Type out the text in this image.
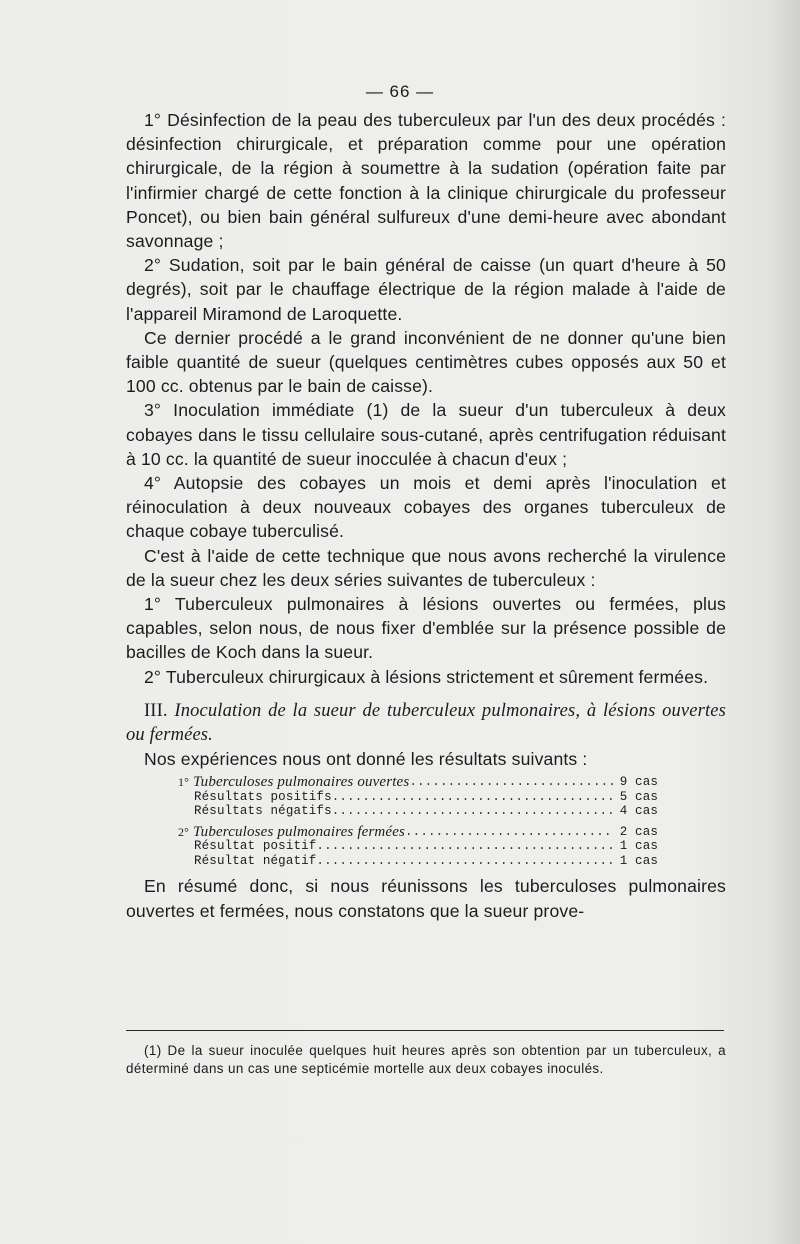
— 66 —

1° Désinfection de la peau des tuberculeux par l'un des deux procédés : désinfection chirurgicale, et préparation comme pour une opération chirurgicale, de la région à soumettre à la sudation (opération faite par l'infirmier chargé de cette fonction à la clinique chirurgicale du professeur Poncet), ou bien bain général sulfureux d'une demi-heure avec abondant savonnage ;

2° Sudation, soit par le bain général de caisse (un quart d'heure à 50 degrés), soit par le chauffage électrique de la région malade à l'aide de l'appareil Miramond de Laroquette.

Ce dernier procédé a le grand inconvénient de ne donner qu'une bien faible quantité de sueur (quelques centimètres cubes opposés aux 50 et 100 cc. obtenus par le bain de caisse).

3° Inoculation immédiate (1) de la sueur d'un tuberculeux à deux cobayes dans le tissu cellulaire sous-cutané, après centrifugation réduisant à 10 cc. la quantité de sueur inocculée à chacun d'eux ;

4° Autopsie des cobayes un mois et demi après l'inoculation et réinoculation à deux nouveaux cobayes des organes tuberculeux de chaque cobaye tuberculisé.

C'est à l'aide de cette technique que nous avons recherché la virulence de la sueur chez les deux séries suivantes de tuberculeux :

1° Tuberculeux pulmonaires à lésions ouvertes ou fermées, plus capables, selon nous, de nous fixer d'emblée sur la présence possible de bacilles de Koch dans la sueur.

2° Tuberculeux chirurgicaux à lésions strictement et sûrement fermées.

III. Inoculation de la sueur de tuberculeux pulmonaires, à lésions ouvertes ou fermées.

Nos expériences nous ont donné les résultats suivants :

1° Tuberculoses pulmonaires ouvertes .....	9 cas
Résultats positifs .....	5 cas
Résultats négatifs .....	4 cas
2° Tuberculoses pulmonaires fermées .....	2 cas
Résultat positif .....	1 cas
Résultat négatif .....	1 cas

En résumé donc, si nous réunissons les tuberculoses pulmonaires ouvertes et fermées, nous constatons que la sueur prove-

(1) De la sueur inoculée quelques huit heures après son obtention par un tuberculeux, a déterminé dans un cas une septicémie mortelle aux deux cobayes inoculés.
